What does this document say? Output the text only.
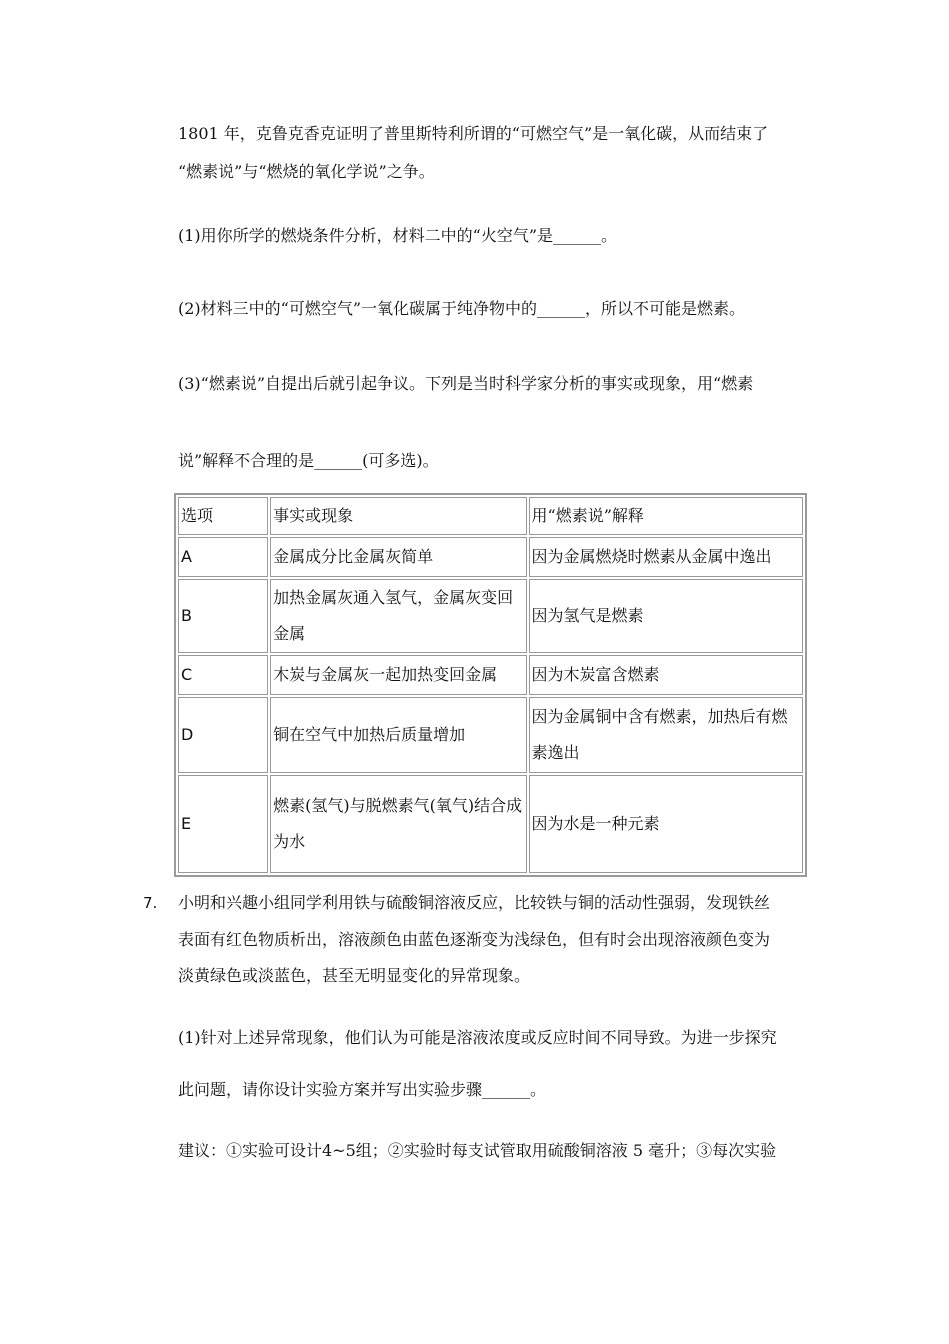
1801 年，克鲁克香克证明了普里斯特利所谓的“可燃空气”是一氧化碳，从而结束了
“燃素说”与“燃烧的氧化学说”之争。
(1)用你所学的燃烧条件分析，材料二中的“火空气”是______。
(2)材料三中的“可燃空气”一氧化碳属于纯净物中的______，所以不可能是燃素。
(3)“燃素说”自提出后就引起争议。下列是当时科学家分析的事实或现象，用“燃素
说”解释不合理的是______(可多选)。
选项	事实或现象	用“燃素说”解释
A	金属成分比金属灰简单	因为金属燃烧时燃素从金属中逸出
B	加热金属灰通入氢气，金属灰变回金属	因为氢气是燃素
C	木炭与金属灰一起加热变回金属	因为木炭富含燃素
D	铜在空气中加热后质量增加	因为金属铜中含有燃素，加热后有燃素逸出
E	燃素(氢气)与脱燃素气(氧气)结合成为水	因为水是一种元素
7. 小明和兴趣小组同学利用铁与硫酸铜溶液反应，比较铁与铜的活动性强弱，发现铁丝
表面有红色物质析出，溶液颜色由蓝色逐渐变为浅绿色，但有时会出现溶液颜色变为
淡黄绿色或淡蓝色，甚至无明显变化的异常现象。
(1)针对上述异常现象，他们认为可能是溶液浓度或反应时间不同导致。为进一步探究
此问题，请你设计实验方案并写出实验步骤______。
建议：①实验可设计4~5组；②实验时每支试管取用硫酸铜溶液 5 毫升；③每次实验
